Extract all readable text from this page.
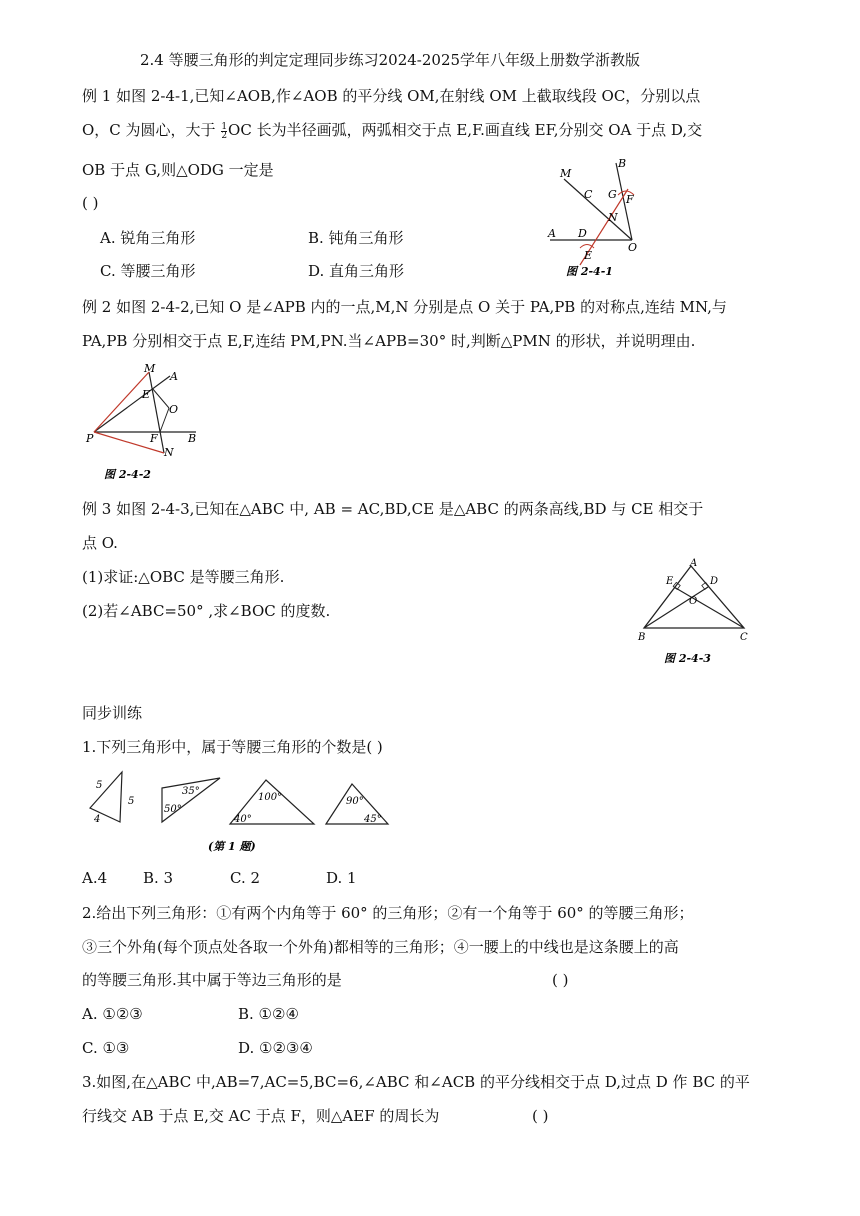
2.4 等腰三角形的判定定理同步练习2024-2025学年八年级上册数学浙教版
例 1 如图 2-4-1,已知∠AOB,作∠AOB 的平分线 OM,在射线 OM 上截取线段 OC，分别以点
O，C 为圆心，大于 $\frac{1}{2}$ OC 长为半径画弧，两弧相交于点 E,F.画直线 EF,分别交 OA 于点 D,交
OB 于点 G,则△ODG 一定是
( )
A. 锐角三角形	B. 钝角三角形
C. 等腰三角形	D. 直角三角形
M
B
C G F
N
A D
E
O
图 2-4-1
例 2 如图 2-4-2,已知 O 是∠APB 内的一点,M,N 分别是点 O 关于 PA,PB 的对称点,连结 MN,与
PA,PB 分别相交于点 E,F,连结 PM,PN.当∠APB=30° 时,判断△PMN 的形状，并说明理由.
M
A
E
O
P	F	B
N
图 2-4-2
例 3 如图 2-4-3,已知在△ABC 中, AB = AC,BD,CE 是△ABC 的两条高线,BD 与 CE 相交于
点 O.
(1)求证:△OBC 是等腰三角形.
(2)若∠ABC=50° ,求∠BOC 的度数.
A
E	D
O
B	C
图 2-4-3
同步训练
1.下列三角形中，属于等腰三角形的个数是( )
5
5
4
50°
35°
100°
40°
90°
45°
(第 1 题)
A.4 B. 3	C. 2	D. 1
2.给出下列三角形：①有两个内角等于 60° 的三角形；②有一个角等于 60° 的等腰三角形；
③三个外角(每个顶点处各取一个外角)都相等的三角形；④一腰上的中线也是这条腰上的高
的等腰三角形.其中属于等边三角形的是	( )
A. ①②③	B. ①②④
C. ①③	D. ①②③④
3.如图,在△ABC 中,AB=7,AC=5,BC=6,∠ABC 和∠ACB 的平分线相交于点 D,过点 D 作 BC 的平
行线交 AB 于点 E,交 AC 于点 F，则△AEF 的周长为	( )
